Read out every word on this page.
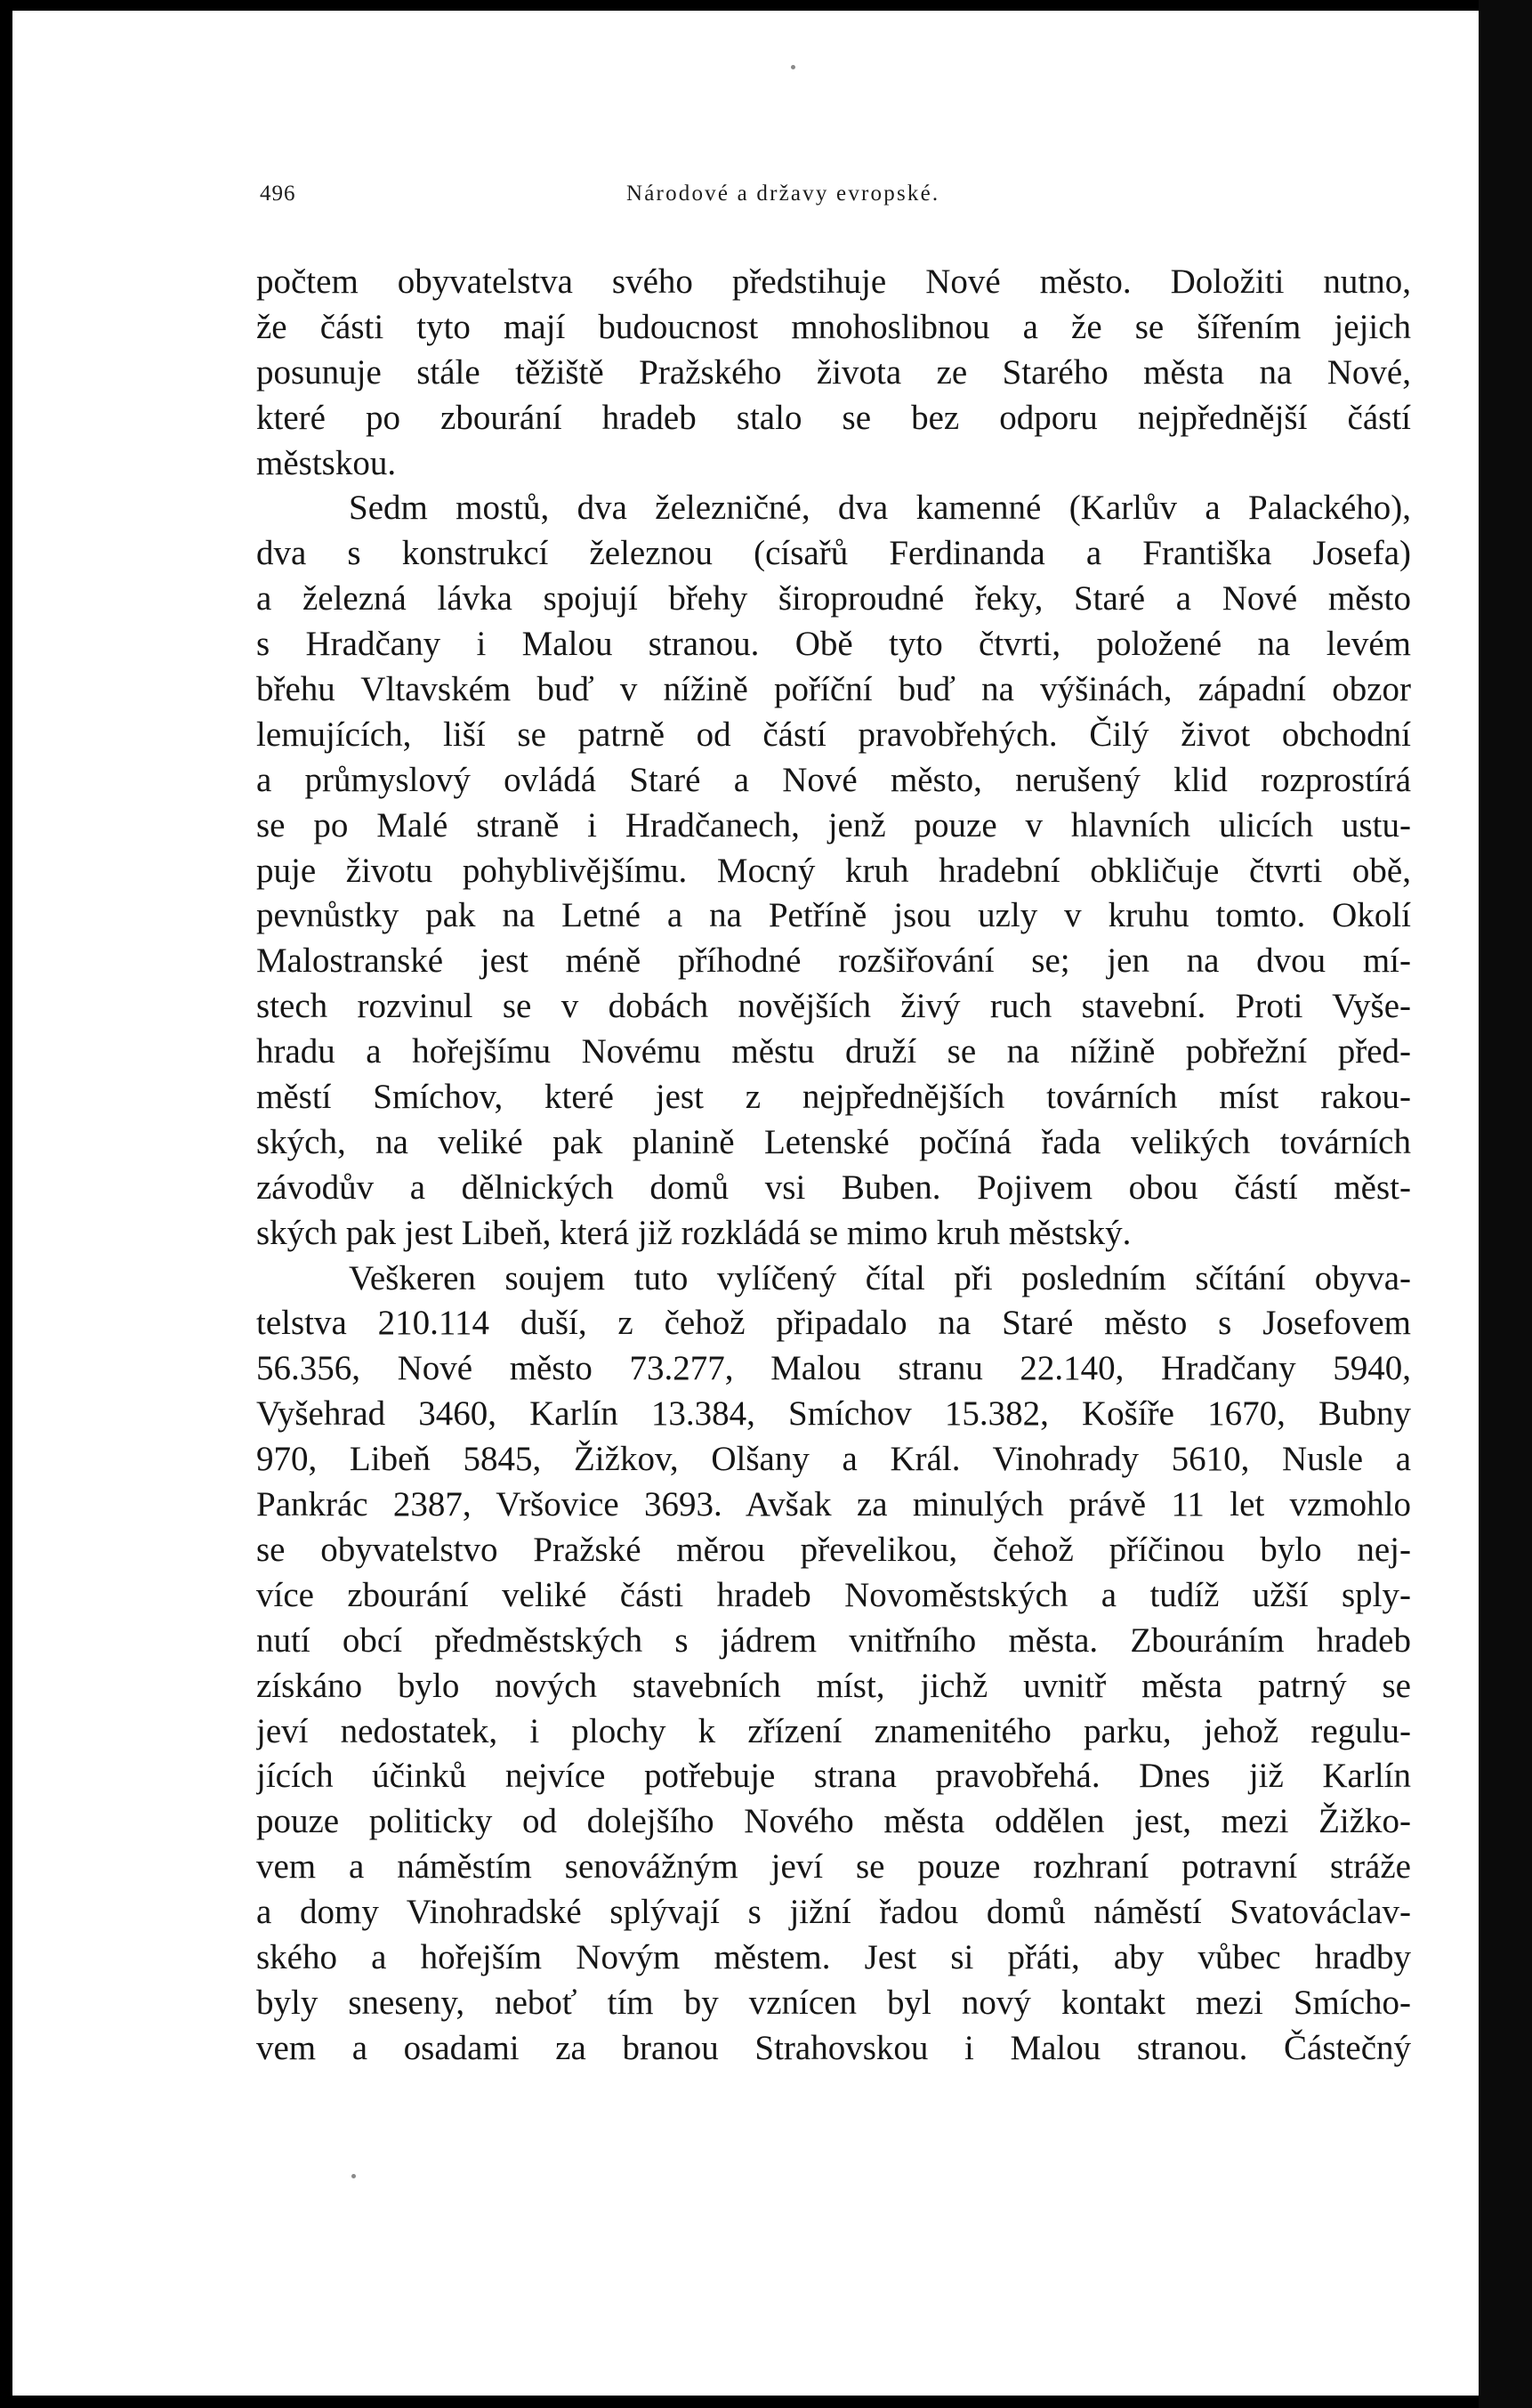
496	Národové a državy evropské.
počtem obyvatelstva svého předstihuje Nové město. Doložiti nutno,
že části tyto mají budoucnost mnohoslibnou a že se šířením jejich
posunuje stále těžiště Pražského života ze Starého města na Nové,
které po zbourání hradeb stalo se bez odporu nejpřednější částí
městskou.
Sedm mostů, dva železničné, dva kamenné (Karlův a Palackého),
dva s konstrukcí železnou (císařů Ferdinanda a Františka Josefa)
a železná lávka spojují břehy široproudné řeky, Staré a Nové město
s Hradčany i Malou stranou. Obě tyto čtvrti, položené na levém
břehu Vltavském buď v nížině poříční buď na výšinách, západní obzor
lemujících, liší se patrně od částí pravobřehých. Čilý život obchodní
a průmyslový ovládá Staré a Nové město, nerušený klid rozprostírá
se po Malé straně i Hradčanech, jenž pouze v hlavních ulicích ustu-
puje životu pohyblivějšímu. Mocný kruh hradební obkličuje čtvrti obě,
pevnůstky pak na Letné a na Petříně jsou uzly v kruhu tomto. Okolí
Malostranské jest méně příhodné rozšiřování se; jen na dvou mí-
stech rozvinul se v dobách novějších živý ruch stavební. Proti Vyše-
hradu a hořejšímu Novému městu druží se na nížině pobřežní před-
městí Smíchov, které jest z nejpřednějších továrních míst rakou-
ských, na veliké pak planině Letenské počíná řada velikých továrních
závodův a dělnických domů vsi Buben. Pojivem obou částí měst-
ských pak jest Libeň, která již rozkládá se mimo kruh městský.
Veškeren soujem tuto vylíčený čítal při posledním sčítání obyva-
telstva 210.114 duší, z čehož připadalo na Staré město s Josefovem
56.356, Nové město 73.277, Malou stranu 22.140, Hradčany 5940,
Vyšehrad 3460, Karlín 13.384, Smíchov 15.382, Košíře 1670, Bubny
970, Libeň 5845, Žižkov, Olšany a Král. Vinohrady 5610, Nusle a
Pankrác 2387, Vršovice 3693. Avšak za minulých právě 11 let vzmohlo
se obyvatelstvo Pražské měrou převelikou, čehož příčinou bylo nej-
více zbourání veliké části hradeb Novoměstských a tudíž užší sply-
nutí obcí předměstských s jádrem vnitřního města. Zbouráním hradeb
získáno bylo nových stavebních míst, jichž uvnitř města patrný se
jeví nedostatek, i plochy k zřízení znamenitého parku, jehož regulu-
jících účinků nejvíce potřebuje strana pravobřehá. Dnes již Karlín
pouze politicky od dolejšího Nového města oddělen jest, mezi Žižko-
vem a náměstím senovážným jeví se pouze rozhraní potravní stráže
a domy Vinohradské splývají s jižní řadou domů náměstí Svatováclav-
ského a hořejším Novým městem. Jest si přáti, aby vůbec hradby
byly sneseny, neboť tím by vznícen byl nový kontakt mezi Smícho-
vem a osadami za branou Strahovskou i Malou stranou. Částečný
